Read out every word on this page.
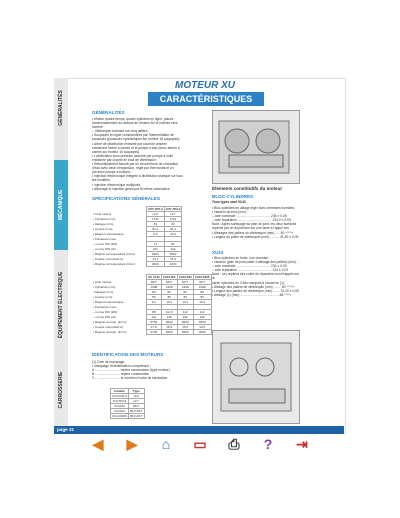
GÉNÉRALITÉS
MÉCANIQUE
ÉQUIPEMENT ÉLECTRIQUE
CARROSSERIE
MOTEUR XU
CARACTÉRISTIQUES
GÉNÉRALITÉS
• Moteur quatre temps, quatre cylindres en ligne, placés
transversalement au-dessus de l'essieu AV et inclinés vers
l'arrière.
– Vilebrequin tournant sur cinq paliers.
• Soupapes en ligne commandées par l'intermédiaire de
poussoirs (poussoirs hydrauliques sur moteur 16 soupapes).
• Arbre de distribution entraîné par courroie crantée
entraînant l'arbre à cames et la pompe à eau (deux arbres à
cames sur moteur 16 soupapes).
• Lubrification sous pression assurée par pompe à huile
entraînée par chaîne en bout de vilebrequin.
• Refroidissement assuré par un circuit fermé de circulation
d'eau avec vase d'expansion, réglé par thermostat et un
pot avec pompe à buttons.
• Injection électronique intégrée à distribution statique sur tous
les modèles.
• Injection électronique multipoint.
• Allumage et injection gérés par le même calculateur.
SPÉCIFICATIONS GÉNÉRALES
	XU5 JP/L3	XU7 JP/L3
• Cote moteur	LFZ	LFY
• Cylindrée (cm³)	1761	1761
• Alésage (mm)	83	83
• Course (mm)	81,4	81,4
• Rapport volumétrique	9,3	10,4
• Puissance maxi :		
– norme ISO (kW)	74	81
– norme DIN (ch)	101	112
• Régime correspondant (tr/mn)	6000	5500
• Couple maxi (daN.m)	15,3	15,3
• Régime correspondant (tr/mn)	3000	4000
	XU 10J2	XU10J2C	XU10J4R	XU10J4RS
• Cote moteur	RFV	RFX	RFT	RFY
• Cylindrée (cm³)	1998	1998	1998	1998
• Alésage (mm)	86	86	86	86
• Course (mm)	86	86	86	86
• Rapport volumétrique	9,2	10,4	10,4	10,4
• Puissance maxi :				
– norme ISO (kW)	88	111,9	113	112
– norme DIN (ch)	121	135	152	135
• Régime corresp. (tr/mn)	5750	6000	6500	6500
• Couple maxi (daN.m)	17,8	18,3	19,5	19,5
• Régime corresp. (tr/mn)	2750	4000	3500	4000
IDENTIFICATION DES MOTEURS
(1) Cote de marquage
• Marquage d'identification comprenant :
A : ......................... repère constructeur (type moteur)
B : ......................... repère constructeur
C : ......................... le numéro d'ordre de fabrication
Famille	Type
XU10J4/L3	LFZ
XU7JP/L3	LFY
XU10J2	RFV
XU10J4	RFX-RFT
XU10J4RS	RFV-RFY
Éléments constitutifs du moteur
BLOC-CYLINDRES
Tous types sauf XU10
• Bloc-cylindres en alliage léger avec chemises humides.
• Hauteur du bloc (mm) :
– cote nominale ..................................... 235 ± 0,05
– cote réparation ..................................... 234,9 ± 0,05
Nota : Après surfaçage du plan de joint, les deux surfaces
repères par un dépôt bleu sur une lame à l'appui ces
• Alésages des paliers du vilebrequin (mm) ..... 60 ⁺⁰·⁰¹⁹
• Largeur du palier de vilebrequin (mm) .......... 31,50 ± 0,05
XU10
• Bloc-cylindres en fonte, non chemisé.
• Hauteur (plan de joint palier d'alésage des paliers) (mm) :
– cote nominale ..................................... 234 ± 0,03
– cote réparation ..................................... 234 ± 0,03
Nota : Les repères des cotes de réparation sont frappés sur le
carter cylindres en 3 fois marqués à l'avant en (1).
• Alésage des paliers de vilebrequin (mm) ........ 60 ⁺⁰·⁰¹⁹
• Largeur des paliers de vilebrequin (mm) ....... 31,20 ± 0,05
• Alésage (1) (mm) .......................................... 86 ⁺⁰·⁰²
page 31
◀ ▶ ⌂ ▭ ⎙ ? ⇥
